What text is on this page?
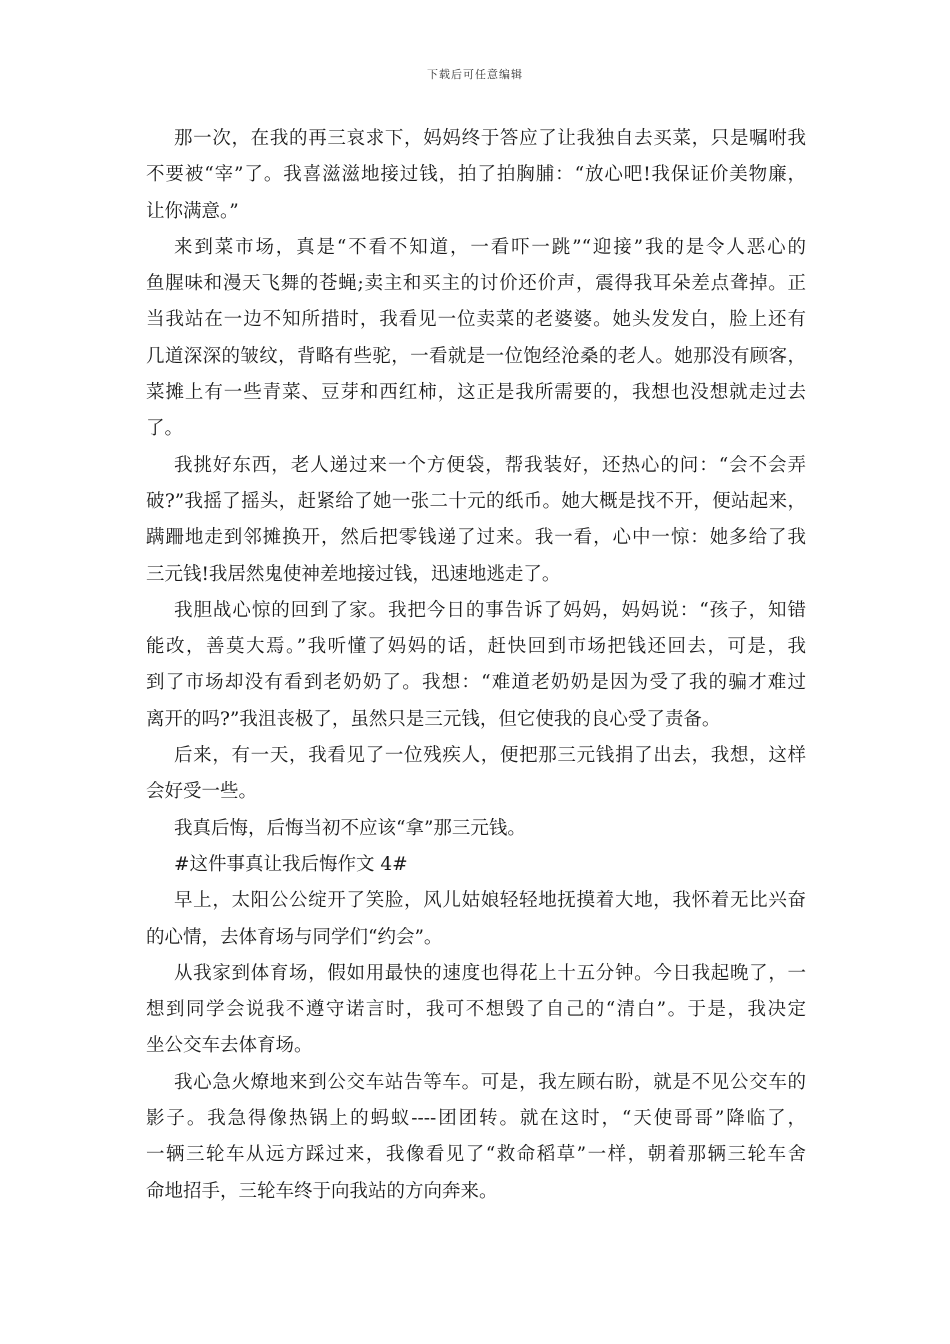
下载后可任意编辑
那一次，在我的再三哀求下，妈妈终于答应了让我独自去买菜，只是嘱咐我
不要被“宰”了。我喜滋滋地接过钱，拍了拍胸脯：“放心吧!我保证价美物廉，
让你满意。”
来到菜市场，真是“不看不知道，一看吓一跳”“迎接”我的是令人恶心的
鱼腥味和漫天飞舞的苍蝇;卖主和买主的讨价还价声，震得我耳朵差点聋掉。正
当我站在一边不知所措时，我看见一位卖菜的老婆婆。她头发发白，脸上还有
几道深深的皱纹，背略有些驼，一看就是一位饱经沧桑的老人。她那没有顾客，
菜摊上有一些青菜、豆芽和西红柿，这正是我所需要的，我想也没想就走过去
了。
我挑好东西，老人递过来一个方便袋，帮我装好，还热心的问：“会不会弄
破?”我摇了摇头，赶紧给了她一张二十元的纸币。她大概是找不开，便站起来，
蹒跚地走到邻摊换开，然后把零钱递了过来。我一看，心中一惊：她多给了我
三元钱!我居然鬼使神差地接过钱，迅速地逃走了。
我胆战心惊的回到了家。我把今日的事告诉了妈妈，妈妈说：“孩子，知错
能改，善莫大焉。”我听懂了妈妈的话，赶快回到市场把钱还回去，可是，我
到了市场却没有看到老奶奶了。我想：“难道老奶奶是因为受了我的骗才难过
离开的吗?”我沮丧极了，虽然只是三元钱，但它使我的良心受了责备。
后来，有一天，我看见了一位残疾人，便把那三元钱捐了出去，我想，这样
会好受一些。
我真后悔，后悔当初不应该“拿”那三元钱。
#这件事真让我后悔作文 4#
早上，太阳公公绽开了笑脸，风儿姑娘轻轻地抚摸着大地，我怀着无比兴奋
的心情，去体育场与同学们“约会”。
从我家到体育场，假如用最快的速度也得花上十五分钟。今日我起晚了，一
想到同学会说我不遵守诺言时，我可不想毁了自己的“清白”。于是，我决定
坐公交车去体育场。
我心急火燎地来到公交车站告等车。可是，我左顾右盼，就是不见公交车的
影子。我急得像热锅上的蚂蚁----团团转。就在这时，“天使哥哥”降临了，
一辆三轮车从远方踩过来，我像看见了“救命稻草”一样，朝着那辆三轮车舍
命地招手，三轮车终于向我站的方向奔来。
